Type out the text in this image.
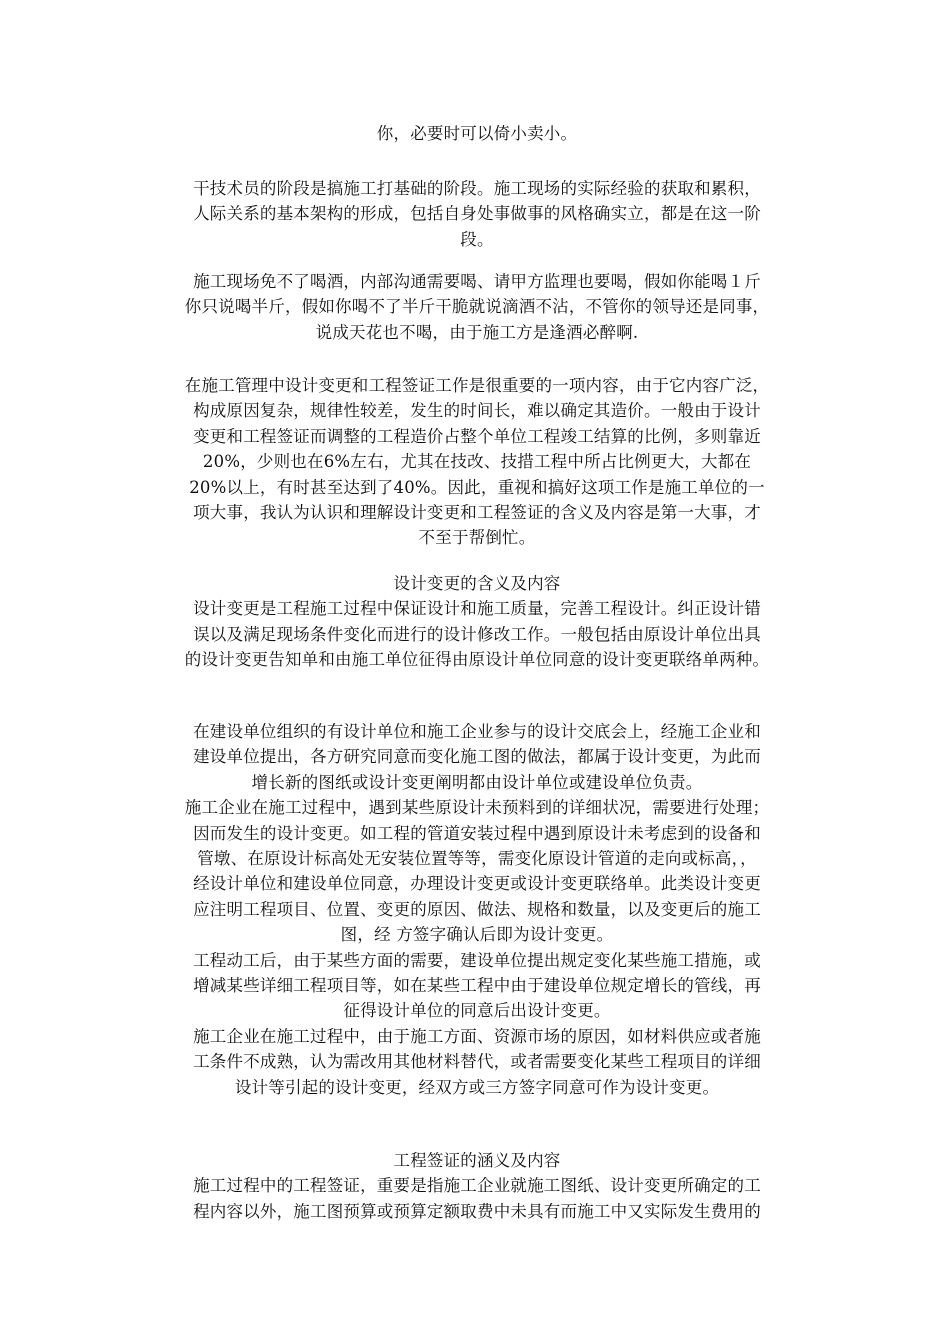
你，必要时可以倚小卖小。
干技术员的阶段是搞施工打基础的阶段。施工现场的实际经验的获取和累积，
人际关系的基本架构的形成，包括自身处事做事的风格确实立，都是在这一阶
段。
施工现场免不了喝酒，内部沟通需要喝、请甲方监理也要喝，假如你能喝１斤
你只说喝半斤，假如你喝不了半斤干脆就说滴酒不沾，不管你的领导还是同事，
说成天花也不喝，由于施工方是逢酒必醉啊.
在施工管理中设计变更和工程签证工作是很重要的一项内容，由于它内容广泛，
构成原因复杂，规律性较差，发生的时间长，难以确定其造价。一般由于设计
变更和工程签证而调整的工程造价占整个单位工程竣工结算的比例，多则靠近
20%，少则也在6%左右，尤其在技改、技措工程中所占比例更大，大都在
20%以上，有时甚至达到了40%。因此，重视和搞好这项工作是施工单位的一
项大事，我认为认识和理解设计变更和工程签证的含义及内容是第一大事，才
不至于帮倒忙。
设计变更的含义及内容
设计变更是工程施工过程中保证设计和施工质量，完善工程设计。纠正设计错
误以及满足现场条件变化而进行的设计修改工作。一般包括由原设计单位出具
的设计变更告知单和由施工单位征得由原设计单位同意的设计变更联络单两种。
在建设单位组织的有设计单位和施工企业参与的设计交底会上，经施工企业和
建设单位提出，各方研究同意而变化施工图的做法，都属于设计变更，为此而
增长新的图纸或设计变更阐明都由设计单位或建设单位负责。
施工企业在施工过程中，遇到某些原设计未预料到的详细状况，需要进行处理；
因而发生的设计变更。如工程的管道安装过程中遇到原设计未考虑到的设备和
管墩、在原设计标高处无安装位置等等，需变化原设计管道的走向或标高，，
经设计单位和建设单位同意，办理设计变更或设计变更联络单。此类设计变更
应注明工程项目、位置、变更的原因、做法、规格和数量，以及变更后的施工
图，经 方签字确认后即为设计变更。
工程动工后，由于某些方面的需要，建设单位提出规定变化某些施工措施，或
增减某些详细工程项目等，如在某些工程中由于建设单位规定增长的管线，再
征得设计单位的同意后出设计变更。
施工企业在施工过程中，由于施工方面、资源市场的原因，如材料供应或者施
工条件不成熟，认为需改用其他材料替代，或者需要变化某些工程项目的详细
设计等引起的设计变更，经双方或三方签字同意可作为设计变更。
工程签证的涵义及内容
施工过程中的工程签证，重要是指施工企业就施工图纸、设计变更所确定的工
程内容以外，施工图预算或预算定额取费中未具有而施工中又实际发生费用的
